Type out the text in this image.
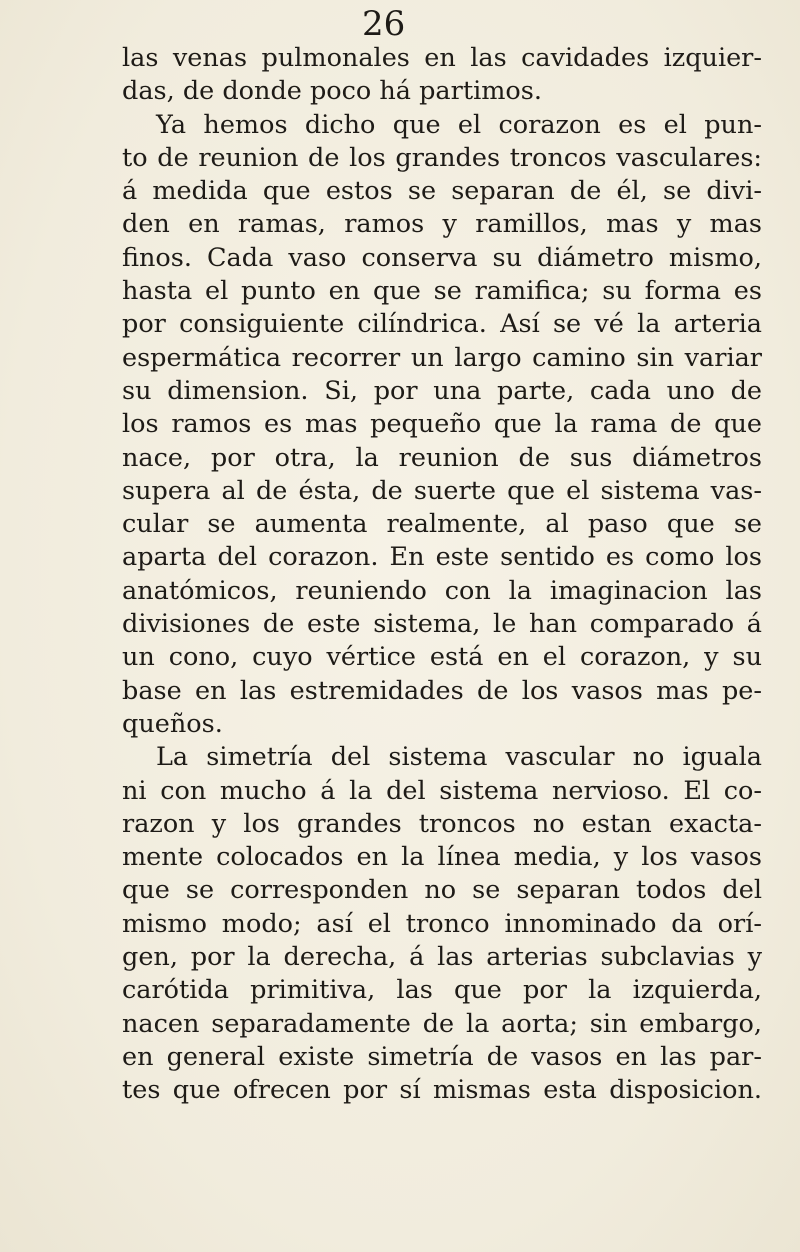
26

las venas pulmonales en las cavidades izquier-
das, de donde poco há partimos.
Ya hemos dicho que el corazon es el pun-
to de reunion de los grandes troncos vasculares:
á medida que estos se separan de él, se divi-
den en ramas, ramos y ramillos, mas y mas
finos. Cada vaso conserva su diámetro mismo,
hasta el punto en que se ramifica; su forma es
por consiguiente cilíndrica. Así se vé la arteria
espermática recorrer un largo camino sin variar
su dimension. Si, por una parte, cada uno de
los ramos es mas pequeño que la rama de que
nace, por otra, la reunion de sus diámetros
supera al de ésta, de suerte que el sistema vas-
cular se aumenta realmente, al paso que se
aparta del corazon. En este sentido es como los
anatómicos, reuniendo con la imaginacion las
divisiones de este sistema, le han comparado á
un cono, cuyo vértice está en el corazon, y su
base en las estremidades de los vasos mas pe-
queños.
La simetría del sistema vascular no iguala
ni con mucho á la del sistema nervioso. El co-
razon y los grandes troncos no estan exacta-
mente colocados en la línea media, y los vasos
que se corresponden no se separan todos del
mismo modo; así el tronco innominado da orí-
gen, por la derecha, á las arterias subclavias y
carótida primitiva, las que por la izquierda,
nacen separadamente de la aorta; sin embargo,
en general existe simetría de vasos en las par-
tes que ofrecen por sí mismas esta disposicion.
